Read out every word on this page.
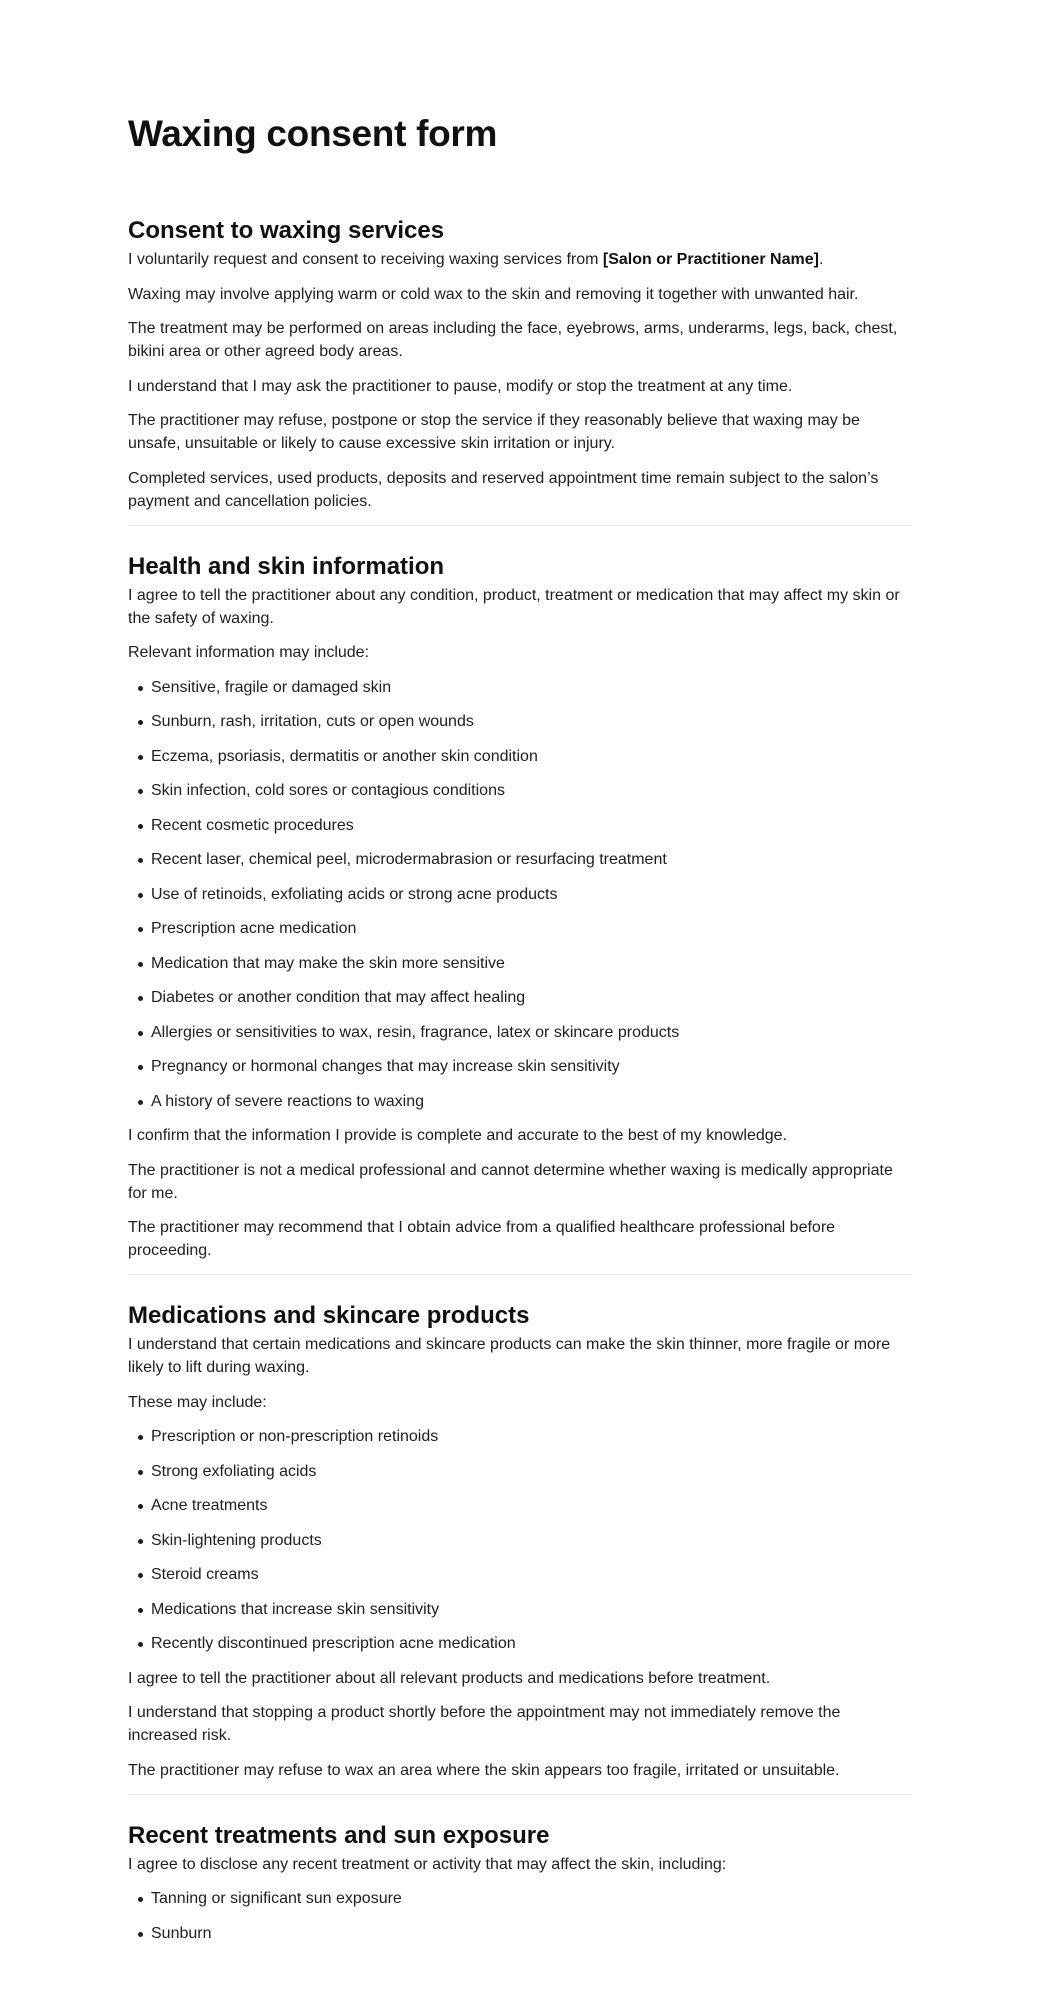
Waxing consent form
Consent to waxing services

I voluntarily request and consent to receiving waxing services from [Salon or Practitioner Name].

Waxing may involve applying warm or cold wax to the skin and removing it together with unwanted hair.

The treatment may be performed on areas including the face, eyebrows, arms, underarms, legs, back, chest, bikini area or other agreed body areas.

I understand that I may ask the practitioner to pause, modify or stop the treatment at any time.

The practitioner may refuse, postpone or stop the service if they reasonably believe that waxing may be unsafe, unsuitable or likely to cause excessive skin irritation or injury.

Completed services, used products, deposits and reserved appointment time remain subject to the salon’s payment and cancellation policies.

Health and skin information

I agree to tell the practitioner about any condition, product, treatment or medication that may affect my skin or the safety of waxing.

Relevant information may include:

Sensitive, fragile or damaged skin
Sunburn, rash, irritation, cuts or open wounds
Eczema, psoriasis, dermatitis or another skin condition
Skin infection, cold sores or contagious conditions
Recent cosmetic procedures
Recent laser, chemical peel, microdermabrasion or resurfacing treatment
Use of retinoids, exfoliating acids or strong acne products
Prescription acne medication
Medication that may make the skin more sensitive
Diabetes or another condition that may affect healing
Allergies or sensitivities to wax, resin, fragrance, latex or skincare products
Pregnancy or hormonal changes that may increase skin sensitivity
A history of severe reactions to waxing

I confirm that the information I provide is complete and accurate to the best of my knowledge.

The practitioner is not a medical professional and cannot determine whether waxing is medically appropriate for me.

The practitioner may recommend that I obtain advice from a qualified healthcare professional before proceeding.

Medications and skincare products

I understand that certain medications and skincare products can make the skin thinner, more fragile or more likely to lift during waxing.

These may include:

Prescription or non-prescription retinoids
Strong exfoliating acids
Acne treatments
Skin-lightening products
Steroid creams
Medications that increase skin sensitivity
Recently discontinued prescription acne medication

I agree to tell the practitioner about all relevant products and medications before treatment.

I understand that stopping a product shortly before the appointment may not immediately remove the increased risk.

The practitioner may refuse to wax an area where the skin appears too fragile, irritated or unsuitable.

Recent treatments and sun exposure

I agree to disclose any recent treatment or activity that may affect the skin, including:

Tanning or significant sun exposure
Sunburn
